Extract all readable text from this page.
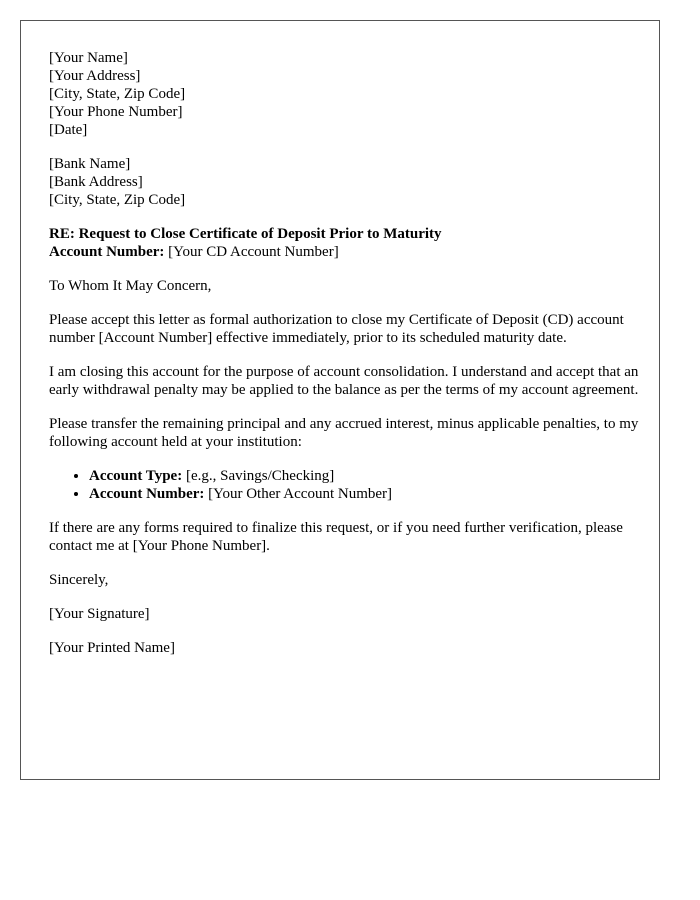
[Your Name]
[Your Address]
[City, State, Zip Code]
[Your Phone Number]
[Date]
[Bank Name]
[Bank Address]
[City, State, Zip Code]
RE: Request to Close Certificate of Deposit Prior to Maturity
Account Number: [Your CD Account Number]

To Whom It May Concern,

Please accept this letter as formal authorization to close my Certificate of Deposit (CD) account number [Account Number] effective immediately, prior to its scheduled maturity date.

I am closing this account for the purpose of account consolidation. I understand and accept that an early withdrawal penalty may be applied to the balance as per the terms of my account agreement.

Please transfer the remaining principal and any accrued interest, minus applicable penalties, to my following account held at your institution:

• Account Type: [e.g., Savings/Checking]
• Account Number: [Your Other Account Number]

If there are any forms required to finalize this request, or if you need further verification, please contact me at [Your Phone Number].

Sincerely,

[Your Signature]

[Your Printed Name]
